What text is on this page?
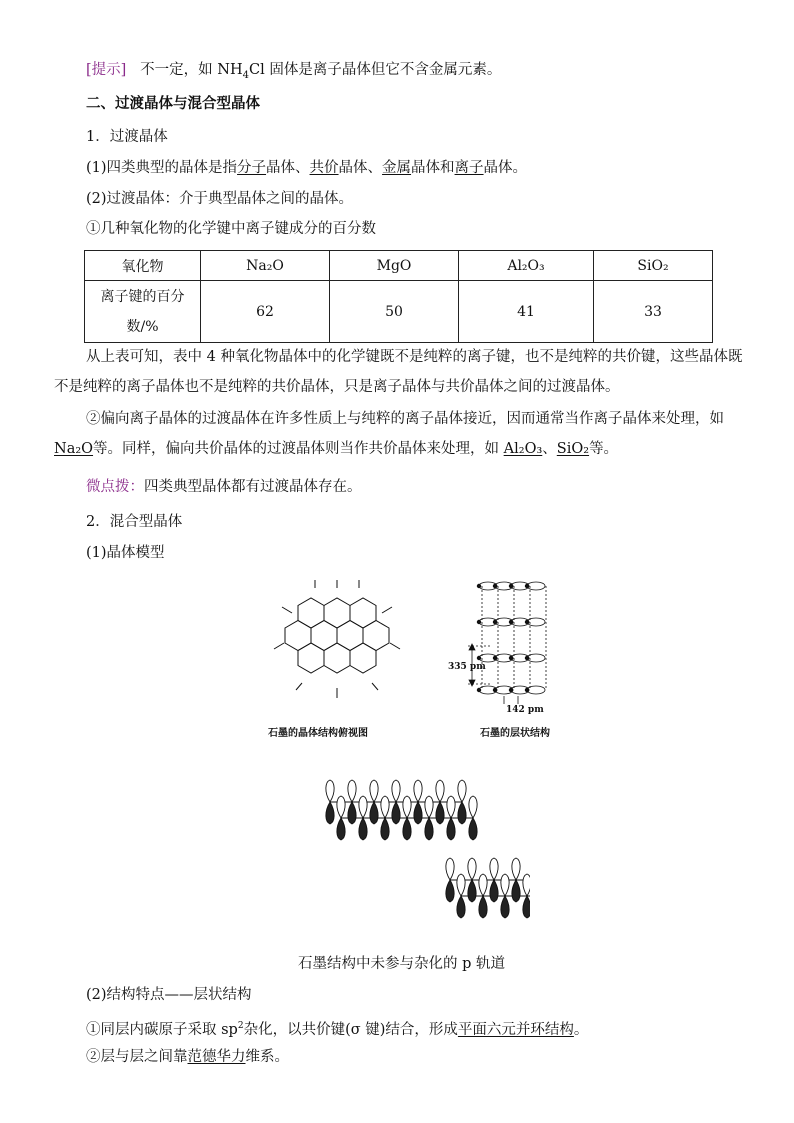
[提示] 不一定，如 $NH_4Cl$ 固体是离子晶体但它不含金属元素。
二、过渡晶体与混合型晶体
1．过渡晶体
(1)四类典型的晶体是指分子晶体、共价晶体、金属晶体和离子晶体。
(2)过渡晶体：介于典型晶体之间的晶体。
①几种氧化物的化学键中离子键成分的百分数
氧化物	Na₂O	MgO	Al₂O₃	SiO₂
离子键的百分
数/%	62	50	41	33
从上表可知，表中 4 种氧化物晶体中的化学键既不是纯粹的离子键，也不是纯粹的共价键，这些晶体既不是纯粹的离子晶体也不是纯粹的共价晶体，只是离子晶体与共价晶体之间的过渡晶体。
②偏向离子晶体的过渡晶体在许多性质上与纯粹的离子晶体接近，因而通常当作离子晶体来处理，如 Na₂O等。同样，偏向共价晶体的过渡晶体则当作共价晶体来处理，如 Al₂O₃、SiO₂等。
微点拨：四类典型晶体都有过渡晶体存在。
2．混合型晶体
(1)晶体模型
石墨的晶体结构俯视图
335 pm
142 pm
石墨的层状结构
石墨结构中未参与杂化的 p 轨道
(2)结构特点——层状结构
①同层内碳原子采取 $sp^2$杂化，以共价键(σ 键)结合，形成平面六元并环结构。
②层与层之间靠范德华力维系。
